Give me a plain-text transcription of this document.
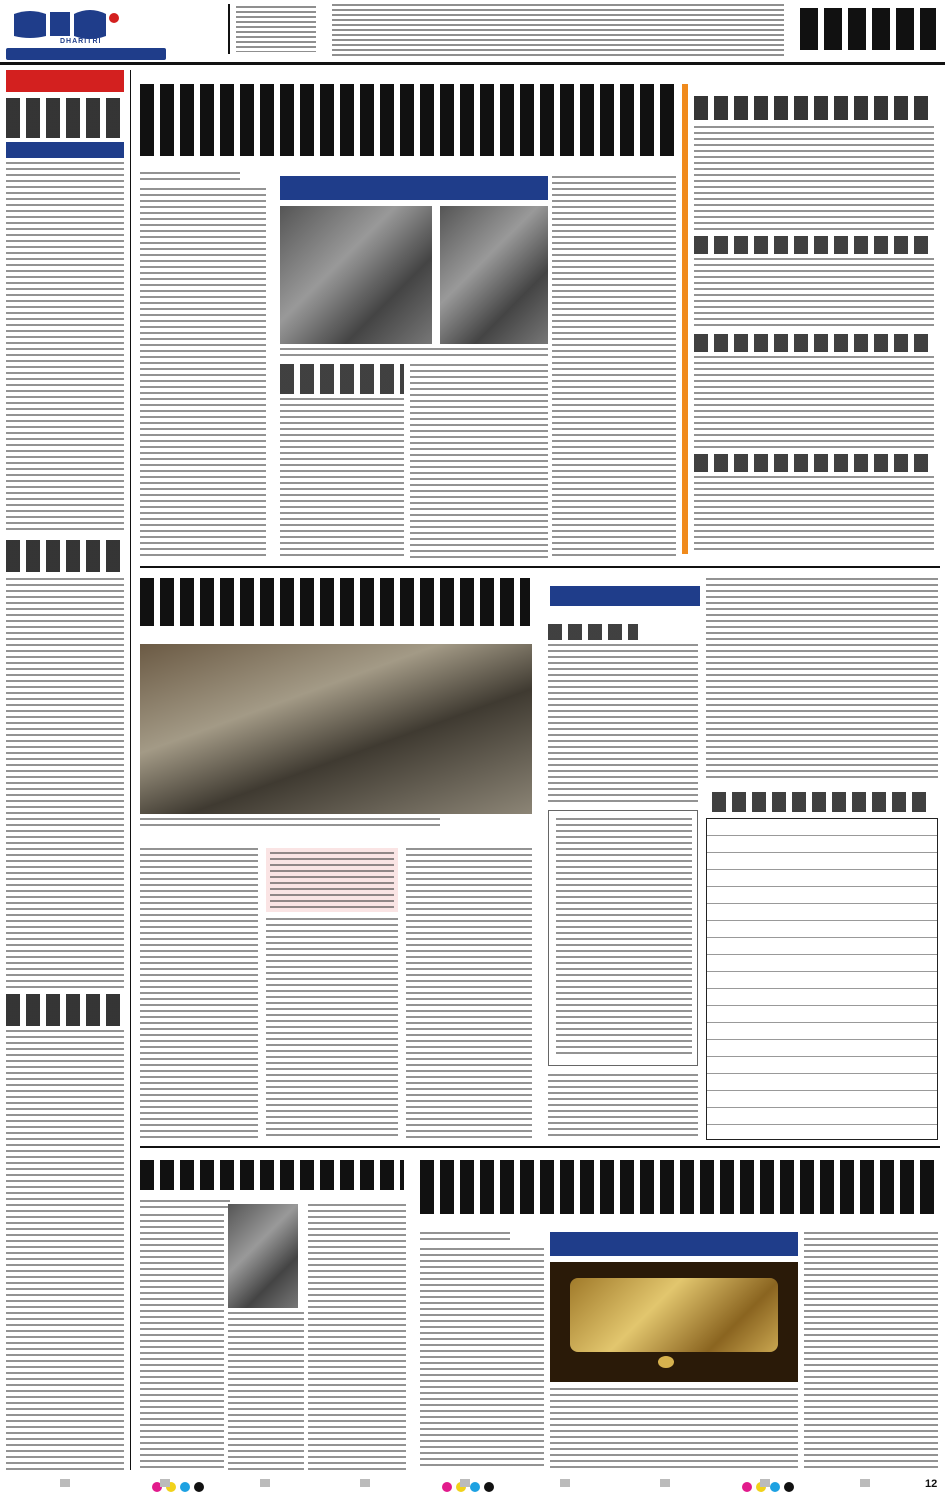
DHARITRI
12
